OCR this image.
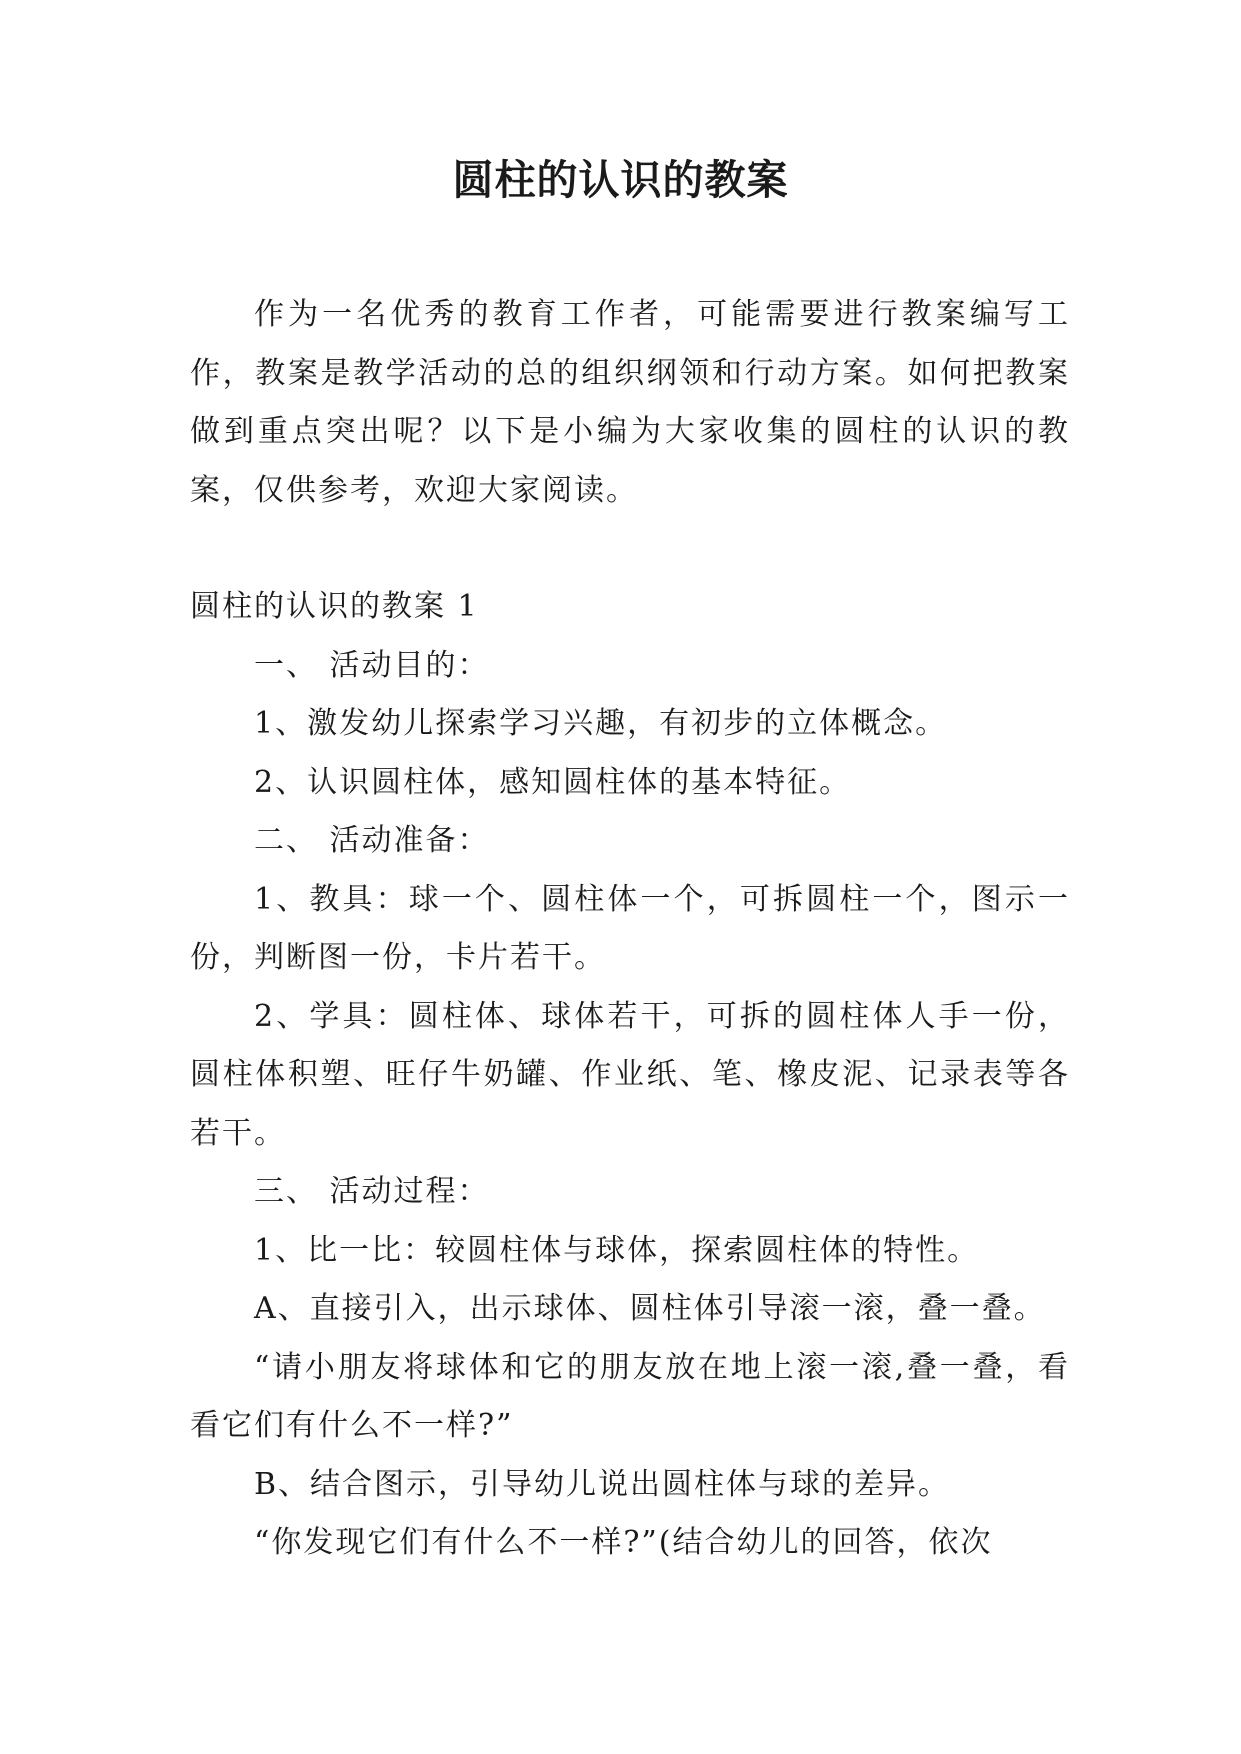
圆柱的认识的教案

作为一名优秀的教育工作者，可能需要进行教案编写工作，教案是教学活动的总的组织纲领和行动方案。如何把教案做到重点突出呢？以下是小编为大家收集的圆柱的认识的教案，仅供参考，欢迎大家阅读。

圆柱的认识的教案 1

一、 活动目的：

1、激发幼儿探索学习兴趣，有初步的立体概念。

2、认识圆柱体，感知圆柱体的基本特征。

二、 活动准备：

1、教具：球一个、圆柱体一个，可拆圆柱一个，图示一份，判断图一份，卡片若干。

2、学具：圆柱体、球体若干，可拆的圆柱体人手一份，圆柱体积塑、旺仔牛奶罐、作业纸、笔、橡皮泥、记录表等各若干。

三、 活动过程：

1、比一比：较圆柱体与球体，探索圆柱体的特性。

A、直接引入，出示球体、圆柱体引导滚一滚，叠一叠。

“请小朋友将球体和它的朋友放在地上滚一滚,叠一叠，看看它们有什么不一样?”

B、结合图示，引导幼儿说出圆柱体与球的差异。

“你发现它们有什么不一样?”(结合幼儿的回答，依次
